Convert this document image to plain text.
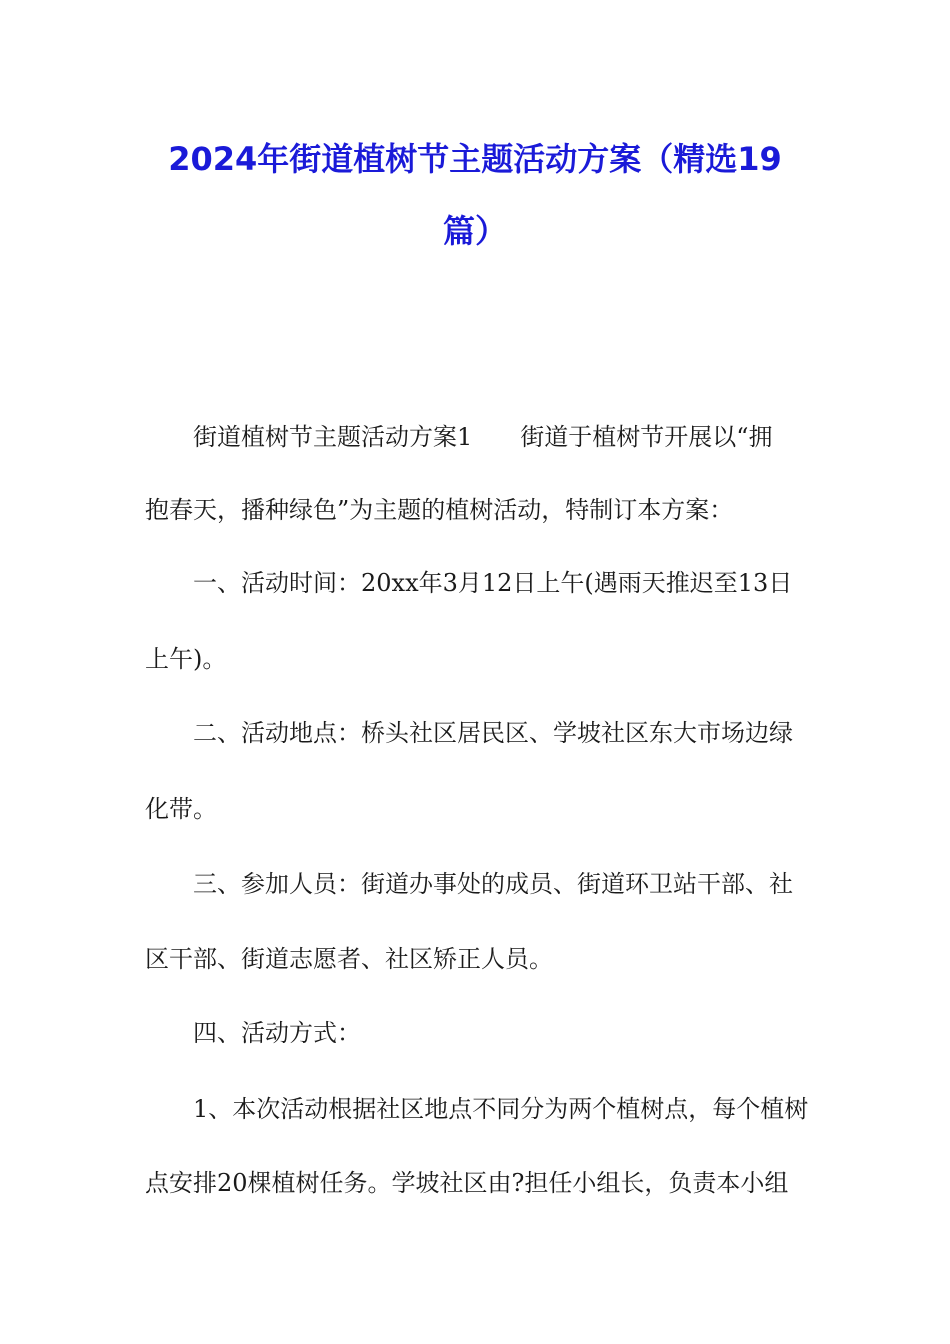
2024年街道植树节主题活动方案（精选19
篇）
街道植树节主题活动方案1　　街道于植树节开展以“拥
抱春天，播种绿色”为主题的植树活动，特制订本方案：
一、活动时间：20xx年3月12日上午(遇雨天推迟至13日
上午)。
二、活动地点：桥头社区居民区、学坡社区东大市场边绿
化带。
三、参加人员：街道办事处的成员、街道环卫站干部、社
区干部、街道志愿者、社区矫正人员。
四、活动方式：
1、本次活动根据社区地点不同分为两个植树点，每个植树
点安排20棵植树任务。学坡社区由?担任小组长，负责本小组
